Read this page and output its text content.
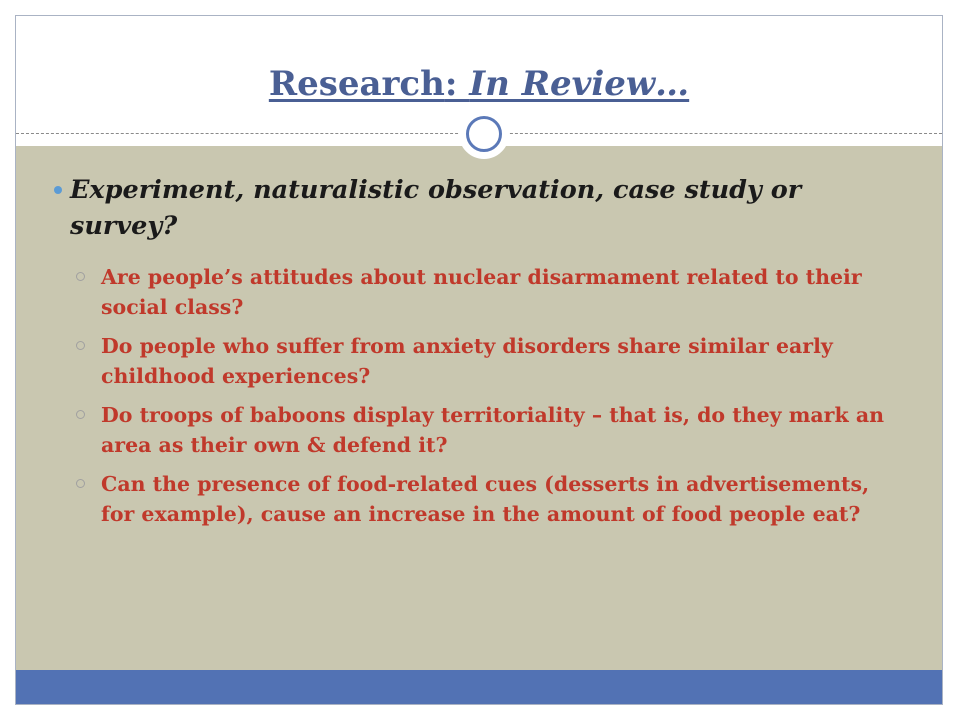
Research: In Review…

Experiment, naturalistic observation, case study or survey?

Are people’s attitudes about nuclear disarmament related to their social class?

Do people who suffer from anxiety disorders share similar early childhood experiences?

Do troops of baboons display territoriality – that is, do they mark an area as their own & defend it?

Can the presence of food-related cues (desserts in advertisements, for example), cause an increase in the amount of food people eat?
